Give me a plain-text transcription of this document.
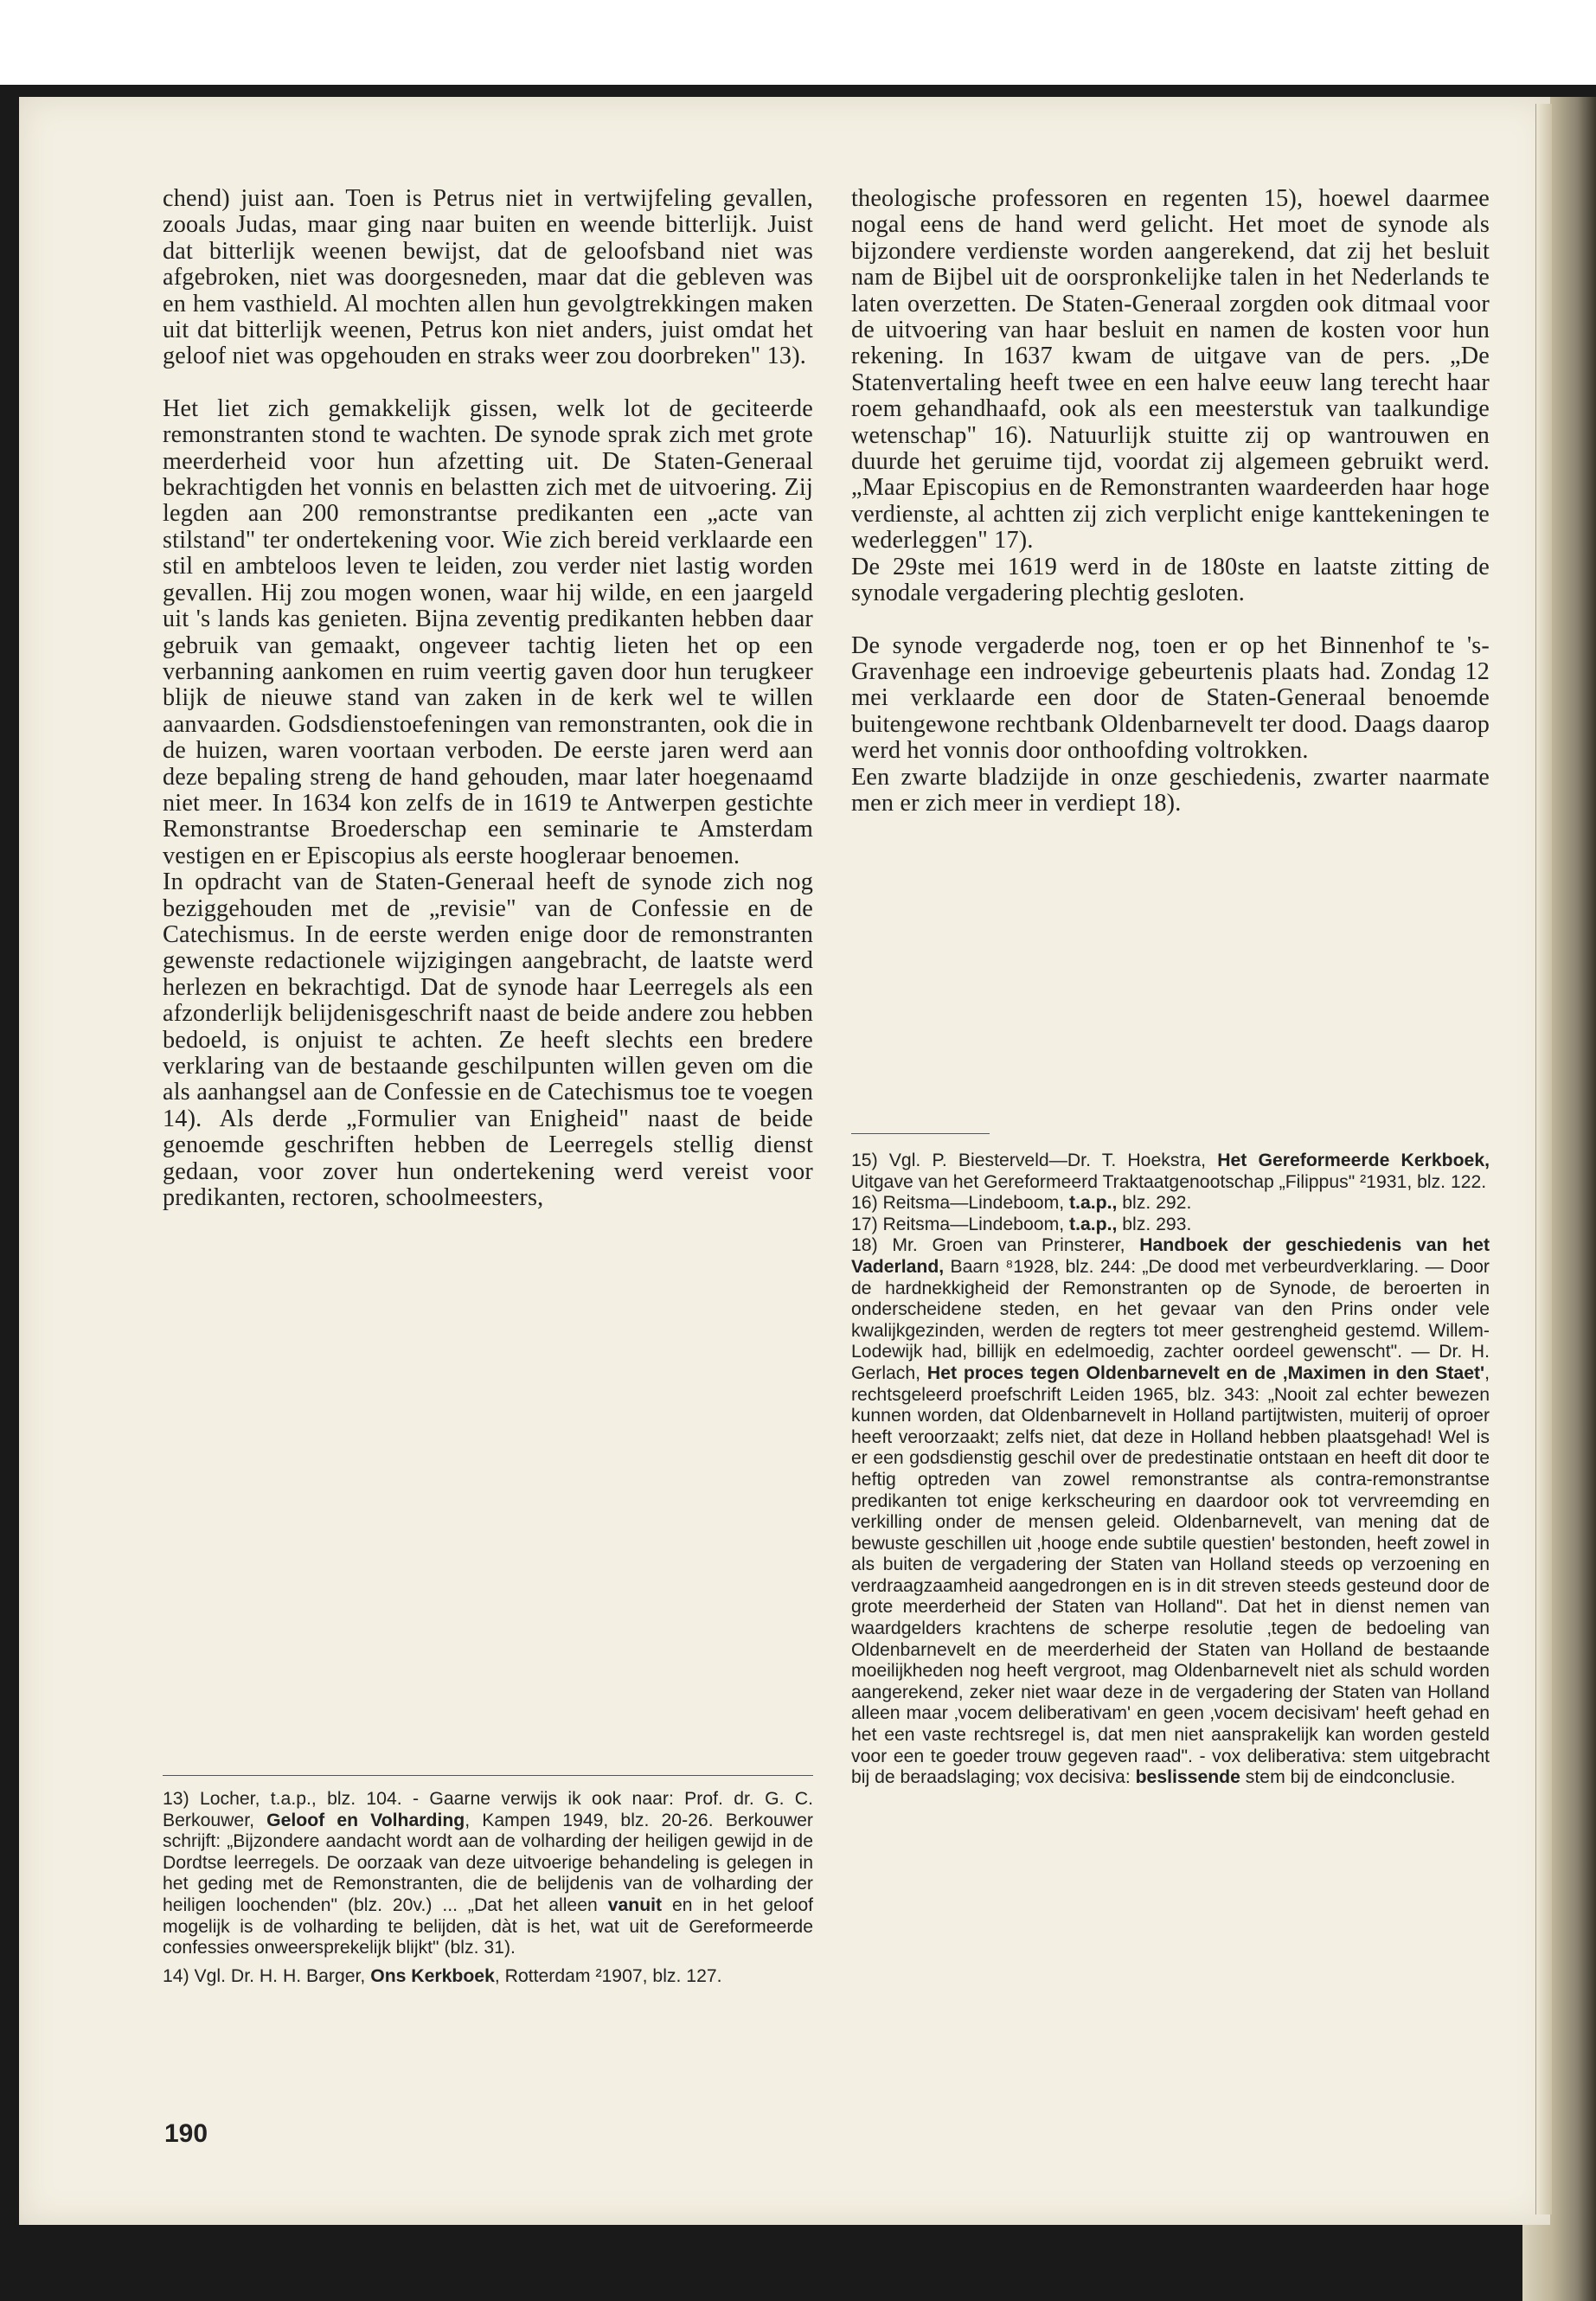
chend) juist aan. Toen is Petrus niet in vertwijfeling gevallen, zooals Judas, maar ging naar buiten en weende bitterlijk. Juist dat bitterlijk weenen bewijst, dat de geloofsband niet was afgebroken, niet was doorgesneden, maar dat die gebleven was en hem vasthield. Al mochten allen hun gevolgtrekkingen maken uit dat bitterlijk weenen, Petrus kon niet anders, juist omdat het geloof niet was opgehouden en straks weer zou doorbreken" 13).

Het liet zich gemakkelijk gissen, welk lot de geciteerde remonstranten stond te wachten. De synode sprak zich met grote meerderheid voor hun afzetting uit. De Staten-Generaal bekrachtigden het vonnis en belastten zich met de uitvoering. Zij legden aan 200 remonstrantse predikanten een „acte van stilstand" ter ondertekening voor. Wie zich bereid verklaarde een stil en ambteloos leven te leiden, zou verder niet lastig worden gevallen. Hij zou mogen wonen, waar hij wilde, en een jaargeld uit 's lands kas genieten. Bijna zeventig predikanten hebben daar gebruik van gemaakt, ongeveer tachtig lieten het op een verbanning aankomen en ruim veertig gaven door hun terugkeer blijk de nieuwe stand van zaken in de kerk wel te willen aanvaarden. Godsdienstoefeningen van remonstranten, ook die in de huizen, waren voortaan verboden. De eerste jaren werd aan deze bepaling streng de hand gehouden, maar later hoegenaamd niet meer. In 1634 kon zelfs de in 1619 te Antwerpen gestichte Remonstrantse Broederschap een seminarie te Amsterdam vestigen en er Episcopius als eerste hoogleraar benoemen.

In opdracht van de Staten-Generaal heeft de synode zich nog beziggehouden met de „revisie" van de Confessie en de Catechismus. In de eerste werden enige door de remonstranten gewenste redactionele wijzigingen aangebracht, de laatste werd herlezen en bekrachtigd. Dat de synode haar Leerregels als een afzonderlijk belijdenisgeschrift naast de beide andere zou hebben bedoeld, is onjuist te achten. Ze heeft slechts een bredere verklaring van de bestaande geschilpunten willen geven om die als aanhangsel aan de Confessie en de Catechismus toe te voegen 14). Als derde „Formulier van Enigheid" naast de beide genoemde geschriften hebben de Leerregels stellig dienst gedaan, voor zover hun ondertekening werd vereist voor predikanten, rectoren, schoolmeesters,

13) Locher, t.a.p., blz. 104. - Gaarne verwijs ik ook naar: Prof. dr. G. C. Berkouwer, Geloof en Volharding, Kampen 1949, blz. 20-26. Berkouwer schrijft: „Bijzondere aandacht wordt aan de volharding der heiligen gewijd in de Dordtse leerregels. De oorzaak van deze uitvoerige behandeling is gelegen in het geding met de Remonstranten, die de belijdenis van de volharding der heiligen loochenden" (blz. 20v.) ... „Dat het alleen vanuit en in het geloof mogelijk is de volharding te belijden, dàt is het, wat uit de Gereformeerde confessies onweersprekelijk blijkt" (blz. 31).

14) Vgl. Dr. H. H. Barger, Ons Kerkboek, Rotterdam ²1907, blz. 127.

theologische professoren en regenten 15), hoewel daarmee nogal eens de hand werd gelicht. Het moet de synode als bijzondere verdienste worden aangerekend, dat zij het besluit nam de Bijbel uit de oorspronkelijke talen in het Nederlands te laten overzetten. De Staten-Generaal zorgden ook ditmaal voor de uitvoering van haar besluit en namen de kosten voor hun rekening. In 1637 kwam de uitgave van de pers. „De Statenvertaling heeft twee en een halve eeuw lang terecht haar roem gehandhaafd, ook als een meesterstuk van taalkundige wetenschap" 16). Natuurlijk stuitte zij op wantrouwen en duurde het geruime tijd, voordat zij algemeen gebruikt werd. „Maar Episcopius en de Remonstranten waardeerden haar hoge verdienste, al achtten zij zich verplicht enige kanttekeningen te wederleggen" 17).

De 29ste mei 1619 werd in de 180ste en laatste zitting de synodale vergadering plechtig gesloten.

De synode vergaderde nog, toen er op het Binnenhof te 's-Gravenhage een indroevige gebeurtenis plaats had. Zondag 12 mei verklaarde een door de Staten-Generaal benoemde buitengewone rechtbank Oldenbarnevelt ter dood. Daags daarop werd het vonnis door onthoofding voltrokken.

Een zwarte bladzijde in onze geschiedenis, zwarter naarmate men er zich meer in verdiept 18).

15) Vgl. P. Biesterveld—Dr. T. Hoekstra, Het Gereformeerde Kerkboek, Uitgave van het Gereformeerd Traktaatgenootschap „Filippus" ²1931, blz. 122.

16) Reitsma—Lindeboom, t.a.p., blz. 292.

17) Reitsma—Lindeboom, t.a.p., blz. 293.

18) Mr. Groen van Prinsterer, Handboek der geschiedenis van het Vaderland, Baarn ⁸1928, blz. 244: „De dood met verbeurdverklaring. — Door de hardnekkigheid der Remonstranten op de Synode, de beroerten in onderscheidene steden, en het gevaar van den Prins onder vele kwalijkgezinden, werden de regters tot meer gestrengheid gestemd. Willem-Lodewijk had, billijk en edelmoedig, zachter oordeel gewenscht". — Dr. H. Gerlach, Het proces tegen Oldenbarnevelt en de ‚Maximen in den Staet', rechtsgeleerd proefschrift Leiden 1965, blz. 343: „Nooit zal echter bewezen kunnen worden, dat Oldenbarnevelt in Holland partijtwisten, muiterij of oproer heeft veroorzaakt; zelfs niet, dat deze in Holland hebben plaatsgehad! Wel is er een godsdienstig geschil over de predestinatie ontstaan en heeft dit door te heftig optreden van zowel remonstrantse als contra-remonstrantse predikanten tot enige kerkscheuring en daardoor ook tot vervreemding en verkilling onder de mensen geleid. Oldenbarnevelt, van mening dat de bewuste geschillen uit ‚hooge ende subtile questien' bestonden, heeft zowel in als buiten de vergadering der Staten van Holland steeds op verzoening en verdraagzaamheid aangedrongen en is in dit streven steeds gesteund door de grote meerderheid der Staten van Holland". Dat het in dienst nemen van waardgelders krachtens de scherpe resolutie ‚tegen de bedoeling van Oldenbarnevelt en de meerderheid der Staten van Holland de bestaande moeilijkheden nog heeft vergroot, mag Oldenbarnevelt niet als schuld worden aangerekend, zeker niet waar deze in de vergadering der Staten van Holland alleen maar ‚vocem deliberativam' en geen ‚vocem decisivam' heeft gehad en het een vaste rechtsregel is, dat men niet aansprakelijk kan worden gesteld voor een te goeder trouw gegeven raad". - vox deliberativa: stem uitgebracht bij de beraadslaging; vox decisiva: beslissende stem bij de eindconclusie.

190
